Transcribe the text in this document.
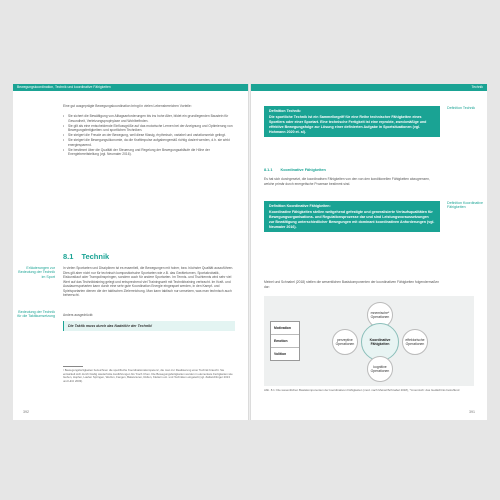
Bewegungskoordination, Technik und koordinative Fähigkeiten
Eine gut ausgeprägte Bewegungskoordination bringt in vielen Lebensbereichen Vorteile:
• Sie sichert die Bewältigung von Alltagsanforderungen bis ins hohe Alter, bildet ein grundlegenden Baustein für Gesundheit, Verletzungsprophylaxe und Wohlbefinden.
• Sie gilt als eine entscheidende Einflussgröße auf das motorische Lernen bei der Aneignung und Optimierung von Bewegungsfertigkeiten¹ und sportlichen Techniken.
• Sie steigert die Freude an der Bewegung, weil diese flüssig, rhythmisch, variabel und variationsreich gelingt.
• Sie steigert die Bewegungsökonomie, da die Kraftimpulse aufgabengemäß richtig dosiert werden, d.h. sie wirkt energiesparend.
• Sie bestimmt über die Qualität der Steuerung und Regelung der Bewegungsabläufe die Höhe der Energiebereitstellung (vgl. Neumaier 2016).
8.1 Technik
Erläuterungen zur Bedeutung der Technik im Sport
In vielen Sportarten und Disziplinen ist es essentiell, die Bewegungen mit hoher, bzw. höchster Qualität auszuführen. Dies gilt aber nicht nur für technisch kompositorische Sportarten wie z.B. das Geräteturnen, Sportakrobatik, Eiskunstlauf oder Trampolinspringen, sondern auch für andere Sportarten. Im Tennis- und Tischtennis wird sehr viel Wert auf das Techniktraining gelegt und entsprechend viel Trainingszeit mit Techniktraining verbracht. Im Kraft- und Ausdauersportarten kann durch eine sehr gute Koordination Energie eingespart werden, in den Kampf- und Spielsportarten dienen die der taktischen Zielerreichung. Man kann taktisch nur umsetzen, was man technisch auch beherrscht.
Bedeutung der Technik für die Taktikumsetzung Anders ausgedrückt:
Die Taktik muss durch das Nadelöhr der Technik!
¹ Bewegungsfertigkeiten bezeichnen die spezifische Koordinationskompetenz, die man zur Realisierung einer Technik braucht. Sie entwickelt sich durch häufig wiederholte Ausführungen bis 'Koch Chen. Die Bewegungsfertigkeiten werden in elementare Fertigkeiten wie Gehen, Hopfen, Laufen Springen, Werfen, Fangen, Balancieren, Rollen, Klettern etc. und Techniken eingeteilt (vgl. Zaltsöchlinger 2013 und Hirtz 2003).
392
Technik
Definition Technik:
Die sportliche Technik ist ein Sammelbegriff für eine Reihe technischer Fähigkeiten eines Sportlers oder einer Sportart. Eine technische Fertigkeit ist eine erprobte, zweckmäßige und effektive Bewegungsfolge zur Lösung einer definierten Aufgabe in Sportsituationen (vgl. Hohmann 2020 et. al).
Definition Technik
8.1.1 Koordinative Fähigkeiten
Es hat sich durchgesetzt, die koordinativen Fähigkeiten von den von den konditionellen Fähigkeiten abzugrenzen, welche primär durch energetische Prozesse bestimmt sind.
Definition Koordinative Fähigkeiten:
Koordinative Fähigkeiten stellen weitgehend gefestigte und generalisierte Verlaufsqualitäten für Bewegungsorganisations- und Regulationsprozesse dar und sind Leistungsvoraussetzungen zur Bewältigung unterschiedlicher Bewegungen mit dominant koordinativen Anforderungen (vgl. Neumaier 2016).
Definition Koordinative Fähigkeiten
Meinel und Schnabel (2018) stellen die wesentlichen Basiskomponenten der koordinativen Fähigkeiten folgendermaßen dar:
Motivation
Emotion
Volition
mnemische* Operationen
perzeptive Operationen
Koordinative Fähigkeiten
effektorische Operationen
kognitive Operationen
Abb. 8.1: Die wesentlichen Basiskomponenten der koordinativen Fähigkeiten (mod. nach Meinel/Schnabel 2018), *mnemisch: das Gedächtnis betreffend
391
